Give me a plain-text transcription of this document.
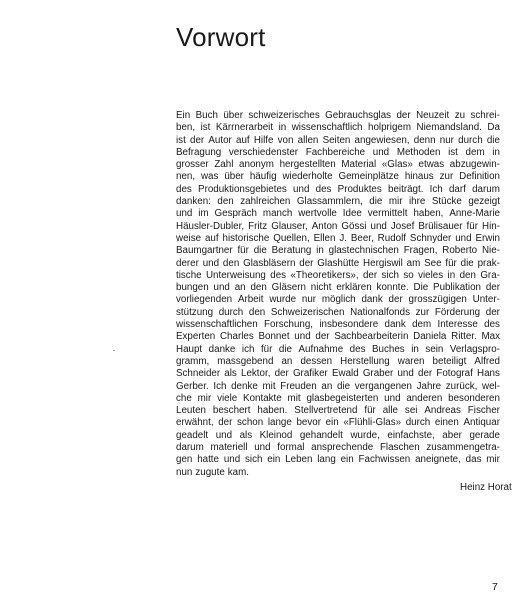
Vorwort
Ein Buch über schweizerisches Gebrauchsglas der Neuzeit zu schrei-
ben, ist Kärrnerarbeit in wissenschaftlich holprigem Niemandsland. Da
ist der Autor auf Hilfe von allen Seiten angewiesen, denn nur durch die
Befragung verschiedenster Fachbereiche und Methoden ist dem in
grosser Zahl anonym hergestellten Material «Glas» etwas abzugewin-
nen, was über häufig wiederholte Gemeinplätze hinaus zur Definition
des Produktionsgebietes und des Produktes beiträgt. Ich darf darum
danken: den zahlreichen Glassammlern, die mir ihre Stücke gezeigt
und im Gespräch manch wertvolle Idee vermittelt haben, Anne-Marie
Häusler-Dubler, Fritz Glauser, Anton Gössi und Josef Brülisauer für Hin-
weise auf historische Quellen, Ellen J. Beer, Rudolf Schnyder und Erwin
Baumgartner für die Beratung in glastechnischen Fragen, Roberto Nie-
derer und den Glasbläsern der Glashütte Hergiswil am See für die prak-
tische Unterweisung des «Theoretikers», der sich so vieles in den Gra-
bungen und an den Gläsern nicht erklären konnte. Die Publikation der
vorliegenden Arbeit wurde nur möglich dank der grosszügigen Unter-
stützung durch den Schweizerischen Nationalfonds zur Förderung der
wissenschaftlichen Forschung, insbesondere dank dem Interesse des
Experten Charles Bonnet und der Sachbearbeiterin Daniela Ritter. Max
Haupt danke ich für die Aufnahme des Buches in sein Verlagspro-
gramm, massgebend an dessen Herstellung waren beteiligt Alfred
Schneider als Lektor, der Grafiker Ewald Graber und der Fotograf Hans
Gerber. Ich denke mit Freuden an die vergangenen Jahre zurück, wel-
che mir viele Kontakte mit glasbegeisterten und anderen besonderen
Leuten beschert haben. Stellvertretend für alle sei Andreas Fischer
erwähnt, der schon lange bevor ein «Flühli-Glas» durch einen Antiquar
geadelt und als Kleinod gehandelt wurde, einfachste, aber gerade
darum materiell und formal ansprechende Flaschen zusammengetra-
gen hatte und sich ein Leben lang ein Fachwissen aneignete, das mir
nun zugute kam.
Heinz Horat
7
